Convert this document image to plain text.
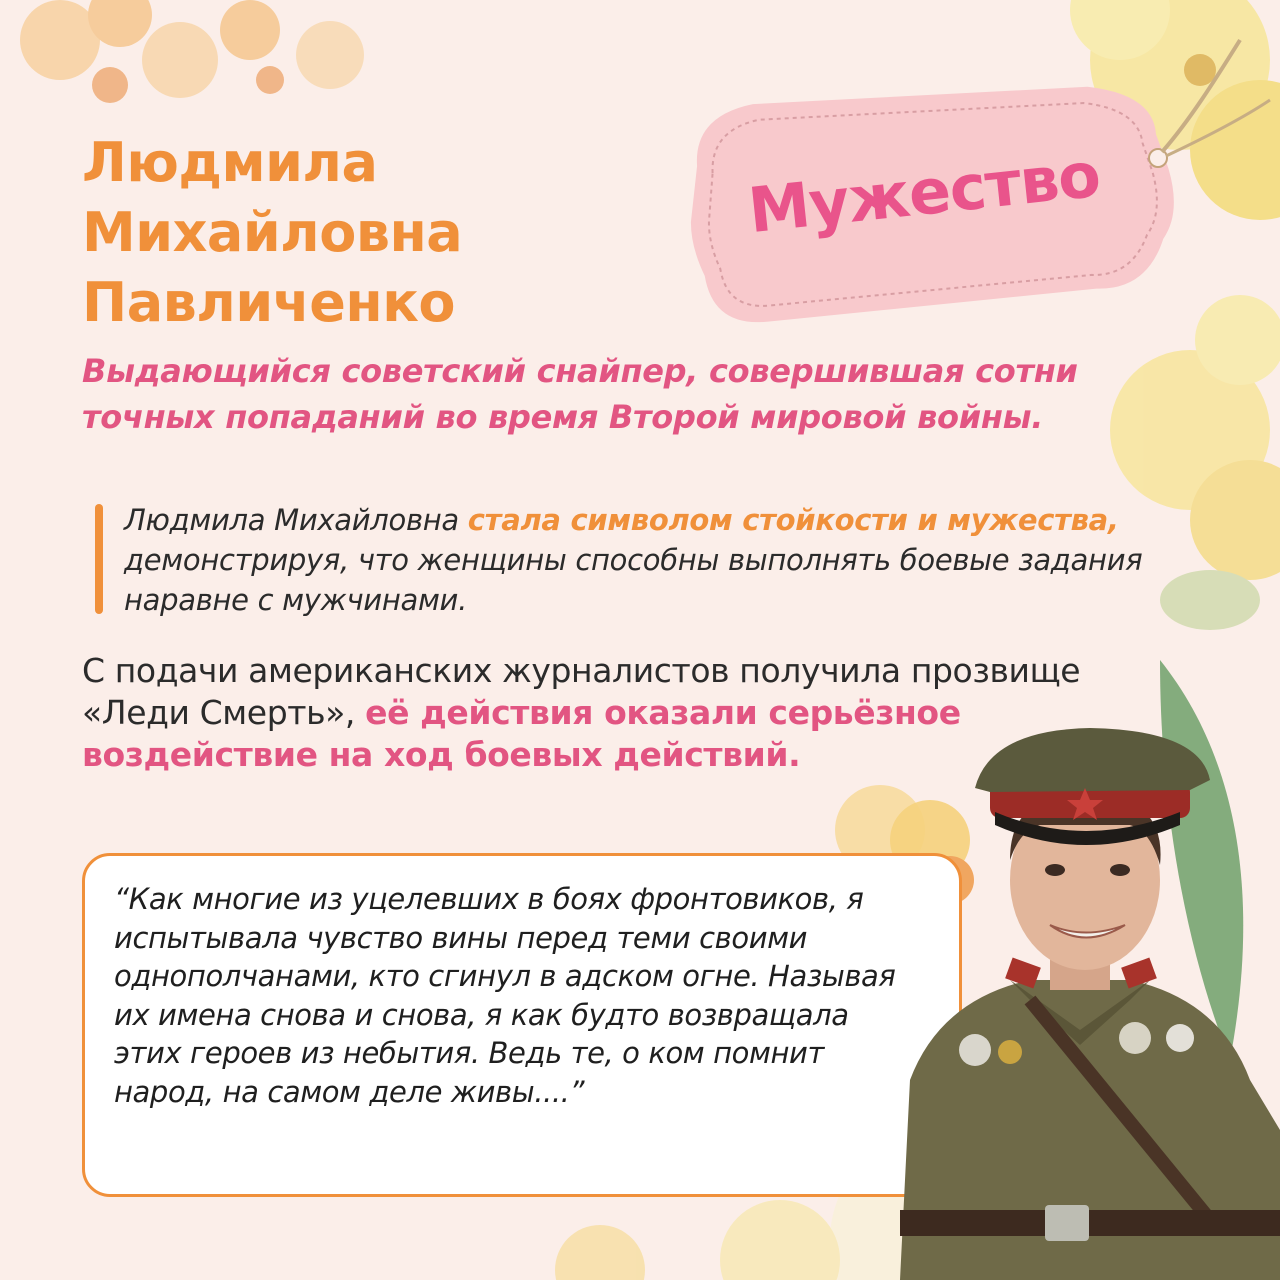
Людмила
Михайловна
Павличенко
Мужество

Выдающийся советский снайпер, совершившая сотни точных попаданий во время Второй мировой войны.

Людмила Михайловна стала символом стойкости и мужества, демонстрируя, что женщины способны выполнять боевые задания наравне с мужчинами.

С подачи американских журналистов получила прозвище «Леди Смерть», её действия оказали серьёзное воздействие на ход боевых действий.

“Как многие из уцелевших в боях фронтовиков, я испытывала чувство вины перед теми своими однополчанами, кто сгинул в адском огне. Называя их имена снова и снова, я как будто возвращала этих героев из небытия. Ведь те, о ком помнит народ, на самом деле живы....”
